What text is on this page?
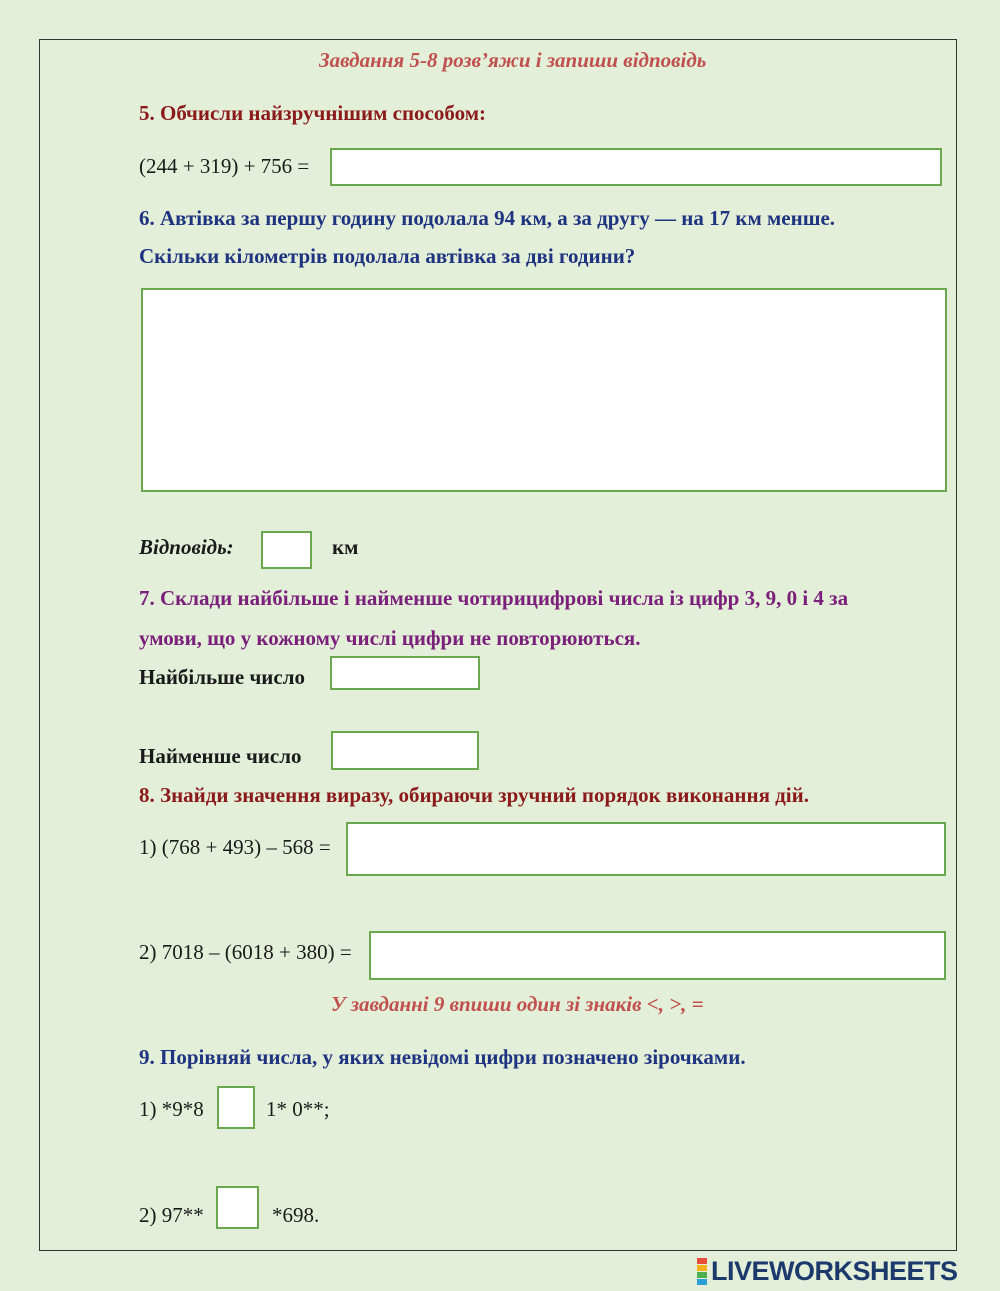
Завдання 5-8 розв’яжи і запиши відповідь
5. Обчисли найзручнішим способом:
(244 + 319) + 756 =
6. Автівка за першу годину подолала 94 км, а за другу — на 17 км менше.
Скільки кілометрів подолала автівка за дві години?
Відповідь:	км
7. Склади найбільше і найменше чотирицифрові числа із цифр 3, 9, 0 і 4 за
умови, що у кожному числі цифри не повторюються.
Найбільше число
Найменше число
8. Знайди значення виразу, обираючи зручний порядок виконання дій.
1) (768 + 493) – 568 =
2) 7018 – (6018 + 380) =
У завданні 9 впиши один зі знаків <, >, =
9. Порівняй числа, у яких невідомі цифри позначено зірочками.
1) *9*8	1* 0**;
2) 97**	*698.
LIVEWORKSHEETS
